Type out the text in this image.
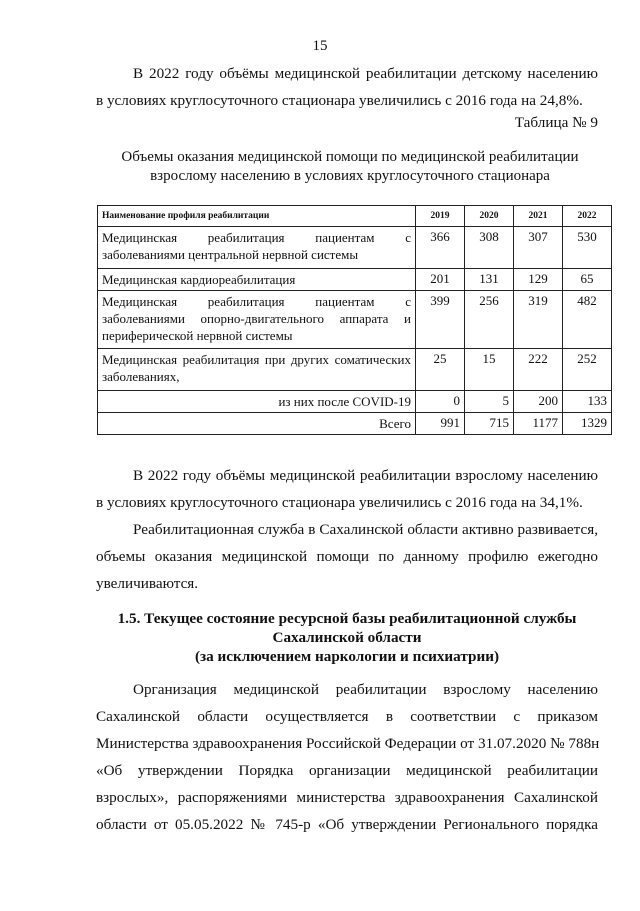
15
В 2022 году объёмы медицинской реабилитации детскому населению
в условиях круглосуточного стационара увеличились с 2016 года на 24,8%.
Таблица № 9
Объемы оказания медицинской помощи по медицинской реабилитации
взрослому населению в условиях круглосуточного стационара
Наименование профиля реабилитации	2019	2020	2021	2022
Медицинская реабилитация пациентам с заболеваниями центральной нервной системы	366	308	307	530
Медицинская кардиореабилитация	201	131	129	65
Медицинская реабилитация пациентам с заболеваниями опорно-двигательного аппарата и периферической нервной системы	399	256	319	482
Медицинская реабилитация при других соматических заболеваниях,	25	15	222	252
из них после COVID-19	0	5	200	133
Всего	991	715	1177	1329
В 2022 году объёмы медицинской реабилитации взрослому населению
в условиях круглосуточного стационара увеличились с 2016 года на 34,1%.
Реабилитационная служба в Сахалинской области активно развивается,
объемы оказания медицинской помощи по данному профилю ежегодно
увеличиваются.
1.5. Текущее состояние ресурсной базы реабилитационной службы
Сахалинской области
(за исключением наркологии и психиатрии)
Организация медицинской реабилитации взрослому населению
Сахалинской области осуществляется в соответствии с приказом
Министерства здравоохранения Российской Федерации от 31.07.2020 № 788н
«Об утверждении Порядка организации медицинской реабилитации
взрослых», распоряжениями министерства здравоохранения Сахалинской
области от 05.05.2022 № 745-р «Об утверждении Регионального порядка
